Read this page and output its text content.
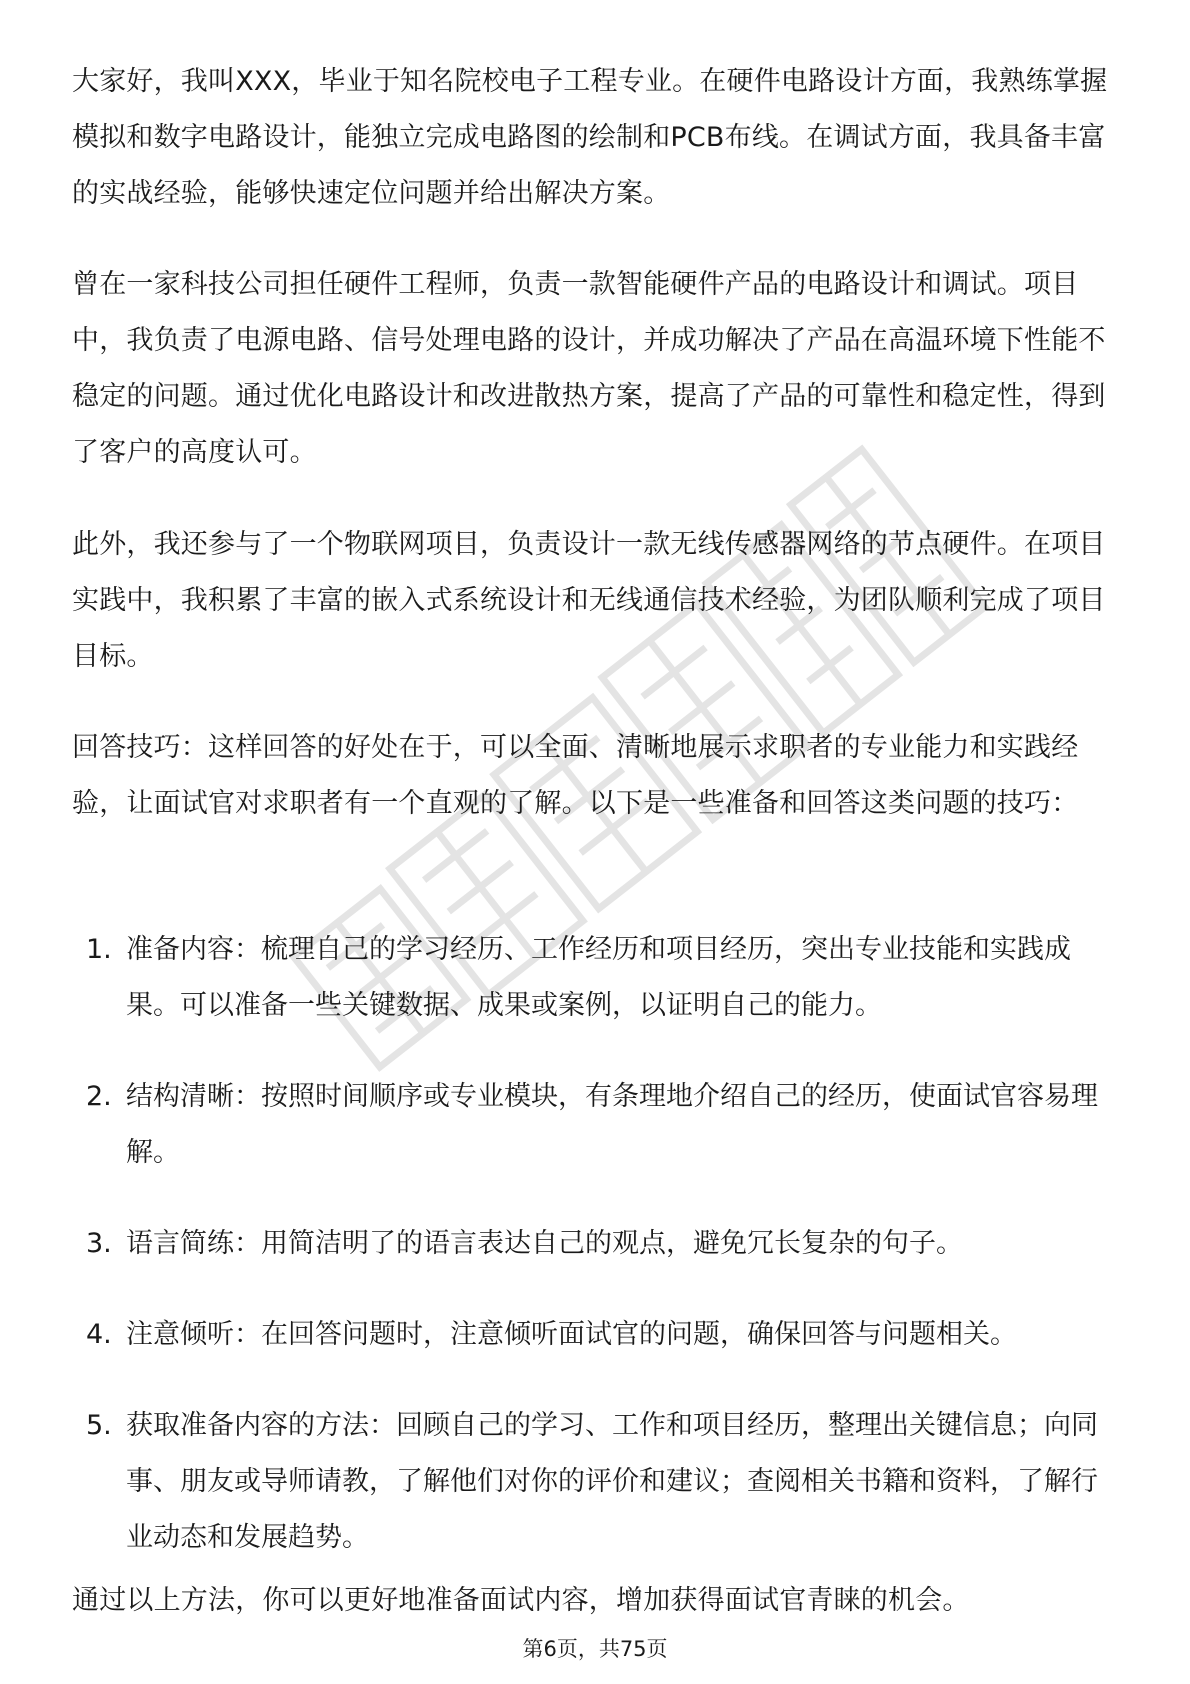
大家好，我叫XXX，毕业于知名院校电子工程专业。在硬件电路设计方面，我熟练掌握模拟和数字电路设计，能独立完成电路图的绘制和PCB布线。在调试方面，我具备丰富的实战经验，能够快速定位问题并给出解决方案。

曾在一家科技公司担任硬件工程师，负责一款智能硬件产品的电路设计和调试。项目中，我负责了电源电路、信号处理电路的设计，并成功解决了产品在高温环境下性能不稳定的问题。通过优化电路设计和改进散热方案，提高了产品的可靠性和稳定性，得到了客户的高度认可。

此外，我还参与了一个物联网项目，负责设计一款无线传感器网络的节点硬件。在项目实践中，我积累了丰富的嵌入式系统设计和无线通信技术经验，为团队顺利完成了项目目标。

回答技巧：这样回答的好处在于，可以全面、清晰地展示求职者的专业能力和实践经验，让面试官对求职者有一个直观的了解。以下是一些准备和回答这类问题的技巧：

1. 准备内容：梳理自己的学习经历、工作经历和项目经历，突出专业技能和实践成果。可以准备一些关键数据、成果或案例，以证明自己的能力。
2. 结构清晰：按照时间顺序或专业模块，有条理地介绍自己的经历，使面试官容易理解。
3. 语言简练：用简洁明了的语言表达自己的观点，避免冗长复杂的句子。
4. 注意倾听：在回答问题时，注意倾听面试官的问题，确保回答与问题相关。
5. 获取准备内容的方法：回顾自己的学习、工作和项目经历，整理出关键信息；向同事、朋友或导师请教，了解他们对你的评价和建议；查阅相关书籍和资料，了解行业动态和发展趋势。

通过以上方法，你可以更好地准备面试内容，增加获得面试官青睐的机会。

第6页，共75页
